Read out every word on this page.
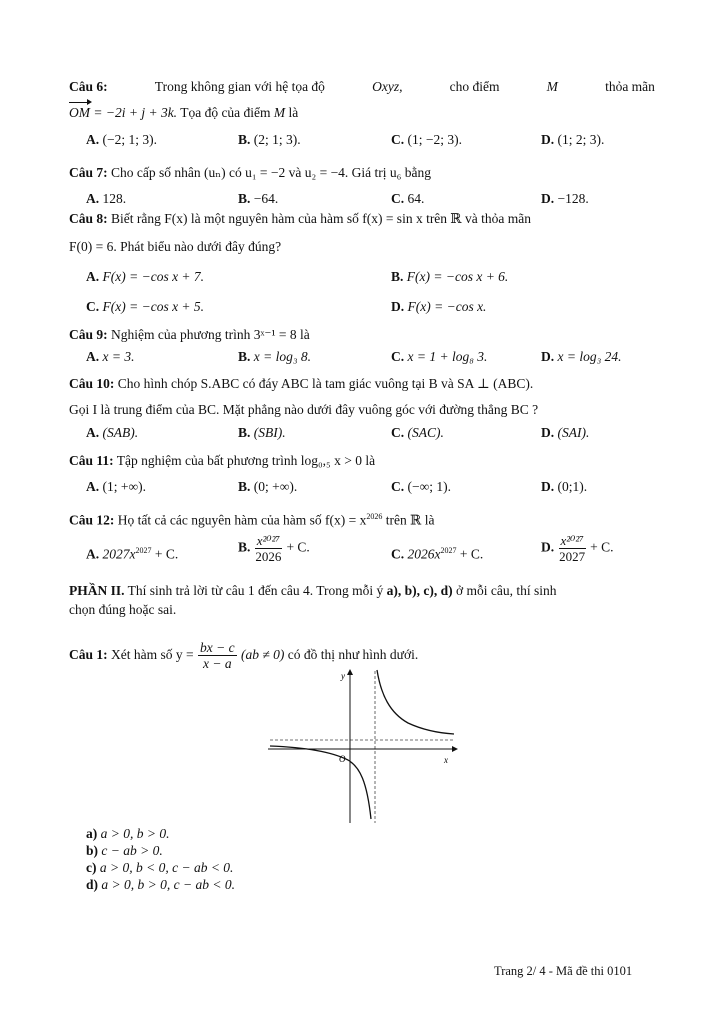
Câu 6:	Trong không gian với hệ tọa độ	Oxyz,	cho điểm	M	thỏa mãn
OM = −2i + j + 3k. Tọa độ của điểm M là
A. (−2; 1; 3).	B. (2; 1; 3).	C. (1; −2; 3).	D. (1; 2; 3).
Câu 7: Cho cấp số nhân (uₙ) có u₁ = −2 và u₂ = −4. Giá trị u₆ bằng
A. 128.	B. −64.	C. 64.	D. −128.
Câu 8: Biết rằng F(x) là một nguyên hàm của hàm số f(x) = sin x trên ℝ và thỏa mãn
F(0) = 6. Phát biểu nào dưới đây đúng?
A. F(x) = −cos x + 7.	B. F(x) = −cos x + 6.
C. F(x) = −cos x + 5.	D. F(x) = −cos x.
Câu 9: Nghiệm của phương trình 3ˣ⁻¹ = 8 là
A. x = 3.	B. x = log₃ 8.	C. x = 1 + log₈ 3.	D. x = log₃ 24.
Câu 10: Cho hình chóp S.ABC có đáy ABC là tam giác vuông tại B và SA ⊥ (ABC).
Gọi I là trung điểm của BC. Mặt phẳng nào dưới đây vuông góc với đường thẳng BC ?
A. (SAB).	B. (SBI).	C. (SAC).	D. (SAI).
Câu 11: Tập nghiệm của bất phương trình log₀,₅ x > 0 là
A. (1; +∞).	B. (0; +∞).	C. (−∞; 1).	D. (0;1).
Câu 12: Họ tất cả các nguyên hàm của hàm số $f(x) = x^{2026}$ trên ℝ là
A. $2027x^{2027} + C$.	B. $\frac{\text{x²⁰²⁷}}{2026} + C$.	C. $2026x^{2027} + C$.	D. $\frac{\text{x²⁰²⁷}}{2027} + C$.
PHẦN II. Thí sinh trả lời từ câu 1 đến câu 4. Trong mỗi ý a), b), c), d) ở mỗi câu, thí sinh
chọn đúng hoặc sai.
Câu 1: Xét hàm số $y = \frac{bx - c}{x - a} (ab \ne 0)$ có đồ thị như hình dưới.
y
x
O
a) a > 0, b > 0.
b) c − ab > 0.
c) a > 0, b < 0, c − ab < 0.
d) a > 0, b > 0, c − ab < 0.
Trang 2/ 4 - Mã đề thi 0101
